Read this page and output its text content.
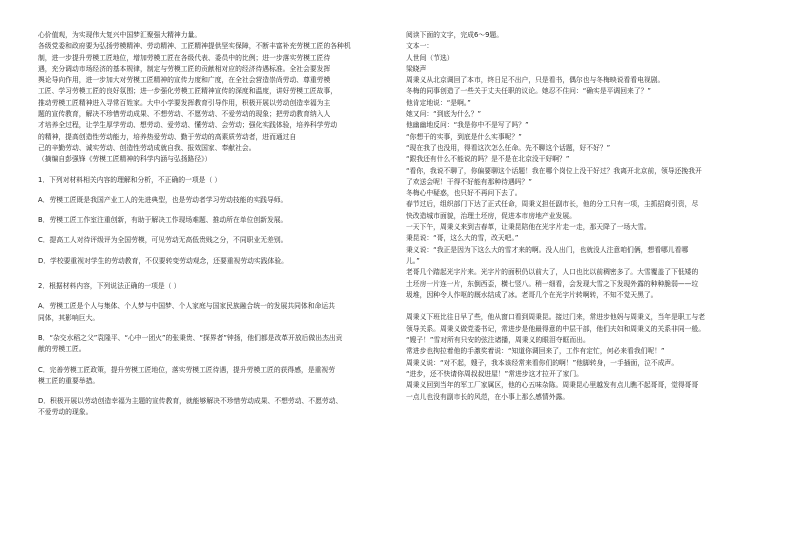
心价值观，为实现伟大复兴中国梦汇聚强大精神力量。

各级党委和政府要为弘扬劳模精神、劳动精神、工匠精神提供坚实保障，不断丰富补充劳模工匠的各种机

制，进一步提升劳模工匠地位，增加劳模工匠在各级代表、委员中的比例；进一步落实劳模工匠待

遇，充分调动市场经济的基本规律，制定与劳模工匠的贡献相对应的经济待遇标准。全社会要发挥

舆论导向作用，进一步加大对劳模工匠精神的宣传力度和广度，在全社会营造崇尚劳动、尊重劳模

工匠、学习劳模工匠的良好氛围；进一步强化劳模工匠精神宣传的深度和温度，讲好劳模工匠故事，

推动劳模工匠精神进入寻常百姓家。大中小学要发挥教育引导作用，积极开展以劳动创造幸福为主

题的宣传教育，解决不珍惜劳动成果、不想劳动、不愿劳动、不爱劳动的现象；把劳动教育纳入人

才培养全过程，让学生厚学劳动、想劳动、爱劳动、懂劳动、会劳动；强化实践体验，培养科学劳动

的精神，提高创造性劳动能力，培养热爱劳动、勤于劳动的高素质劳动者，进而通过自

己的辛勤劳动、诚实劳动、创造性劳动成就自我、报效国家、奉献社会。

（摘编自彭强锋《劳模工匠精神的科学内涵与弘扬路径》）

1．下列对材料相关内容的理解和分析，不正确的一项是（ ）

A．劳模工匠既是我国产业工人的先进典型，也是劳动者学习劳动技能的实践导师。

B．劳模工匠工作室注重创新，有助于解决工作现场难题、推动所在单位创新发展。

C．提高工人对待评级评为全国劳模，可见劳动无高低贵贱之分，不同职业无差别。

D．学校要重视对学生的劳动教育，不仅要转变劳动观念，还要重视劳动实践体验。

2．根据材料内容，下列说法正确的一项是（ ）

A．劳模工匠是个人与集体、个人梦与中国梦、个人家庭与国家民族融合统一的发展共同体和命运共

同体，其影响巨大。

B．“杂交水稻之父”袁隆平、“心中一团火”的张秉贵、“探界者”钟扬，他们都是改革开放后做出杰出贡

献的劳模工匠。

C．完善劳模工匠政策，提升劳模工匠地位，落实劳模工匠待遇，提升劳模工匠的获得感，是重视劳

模工匠的重要举措。

D．积极开展以劳动创造幸福为主题的宣传教育，就能够解决不珍惜劳动成果、不想劳动、不愿劳动、

不爱劳动的现象。

阅读下面的文字，完成6～9题。

文本一：

人世间（节选）

梁晓声

周秉义从北京调回了本市，终日足不出户，只是看书，偶尔也与冬梅映说看看电视剧。

冬梅的同事创造了一些关于丈夫任职的议论。她忍不住问：“确实是平调回来了？”

他肯定地说：“是啊。”

她又问：“到底为什么？”

他幽幽地反问：“我是你中不是写了吗？”

“你想干的实事，到底是什么实事呢？”

“现在我了也没用，得看这次怎么任命。先不聊这个话题，好不好？”

“跟我还有什么不能说的吗？是不是在北京没干好啊？”

“看你，我说不聊了，你偏要聊这个话题！我在哪个岗位上没干好过？我离开北京前，领导还挽我开

了欢送会呢！干得不好能有那种待遇吗？”

冬梅心中疑惑，也只好不再问下去了。

春节过后，组织部门下达了正式任命，周秉义担任副市长，他的分工只有一项，主抓招商引资，尽

快改造城市面貌，治理土坯房，促进本市房地产业发展。

一天下午，周秉义来到吉春革，让秉昆陪他在光字片走一走，那天降了一场大雪。

秉昆说：“哥，这么大的雪，改天吧。”

秉义说：“我正是因为下这么大的雪才来的啊。没人出门，也就没人注意咱们俩，想看哪儿看哪

儿。”

老哥几个踏起光字片来。光字片的面积仍以前大了，人口也比以前稠密多了。大雪覆盖了下低矮的

土坯房一片连一片，东倒西歪，横七竖八。稍一细看，会发现大雪之下发现外露的种种脆弱——垃

圾堆，因种令人作呕的厩水结成了冰。老哥几个在光字片转啊转，不知不觉天黑了。

周秉义下班比往日早了些，他从窗口看到周秉昆。接过门来，常进步他妈与周秉义，当年是职工与老

领导关系。周秉义做党委书记，常进步是他最得意的中层干部，他们夫妇和周秉义的关系非同一般。

“嫂子！”雪对所有只安的弦注诸播，周秉义的眼泪夺眶而出。

常进步也拘拉着他的手激奖着说：“知道你调回来了，工作有定忙，何必来看我们呢！”

周秉义说：“对不起，嫂子，我本该经常来看你们的啊！”他脚转身，一手插面，泣不成声。

“进步，还不快请你周叔叔进屋！”常进步这才拉开了家门。

周秉义回到当年的军工厂家属区，他的心五味杂陈。周秉昆心里越发有点儿瞧不起哥哥，觉得哥哥

一点儿也没有副市长的风范，在小事上那么感情外露。
